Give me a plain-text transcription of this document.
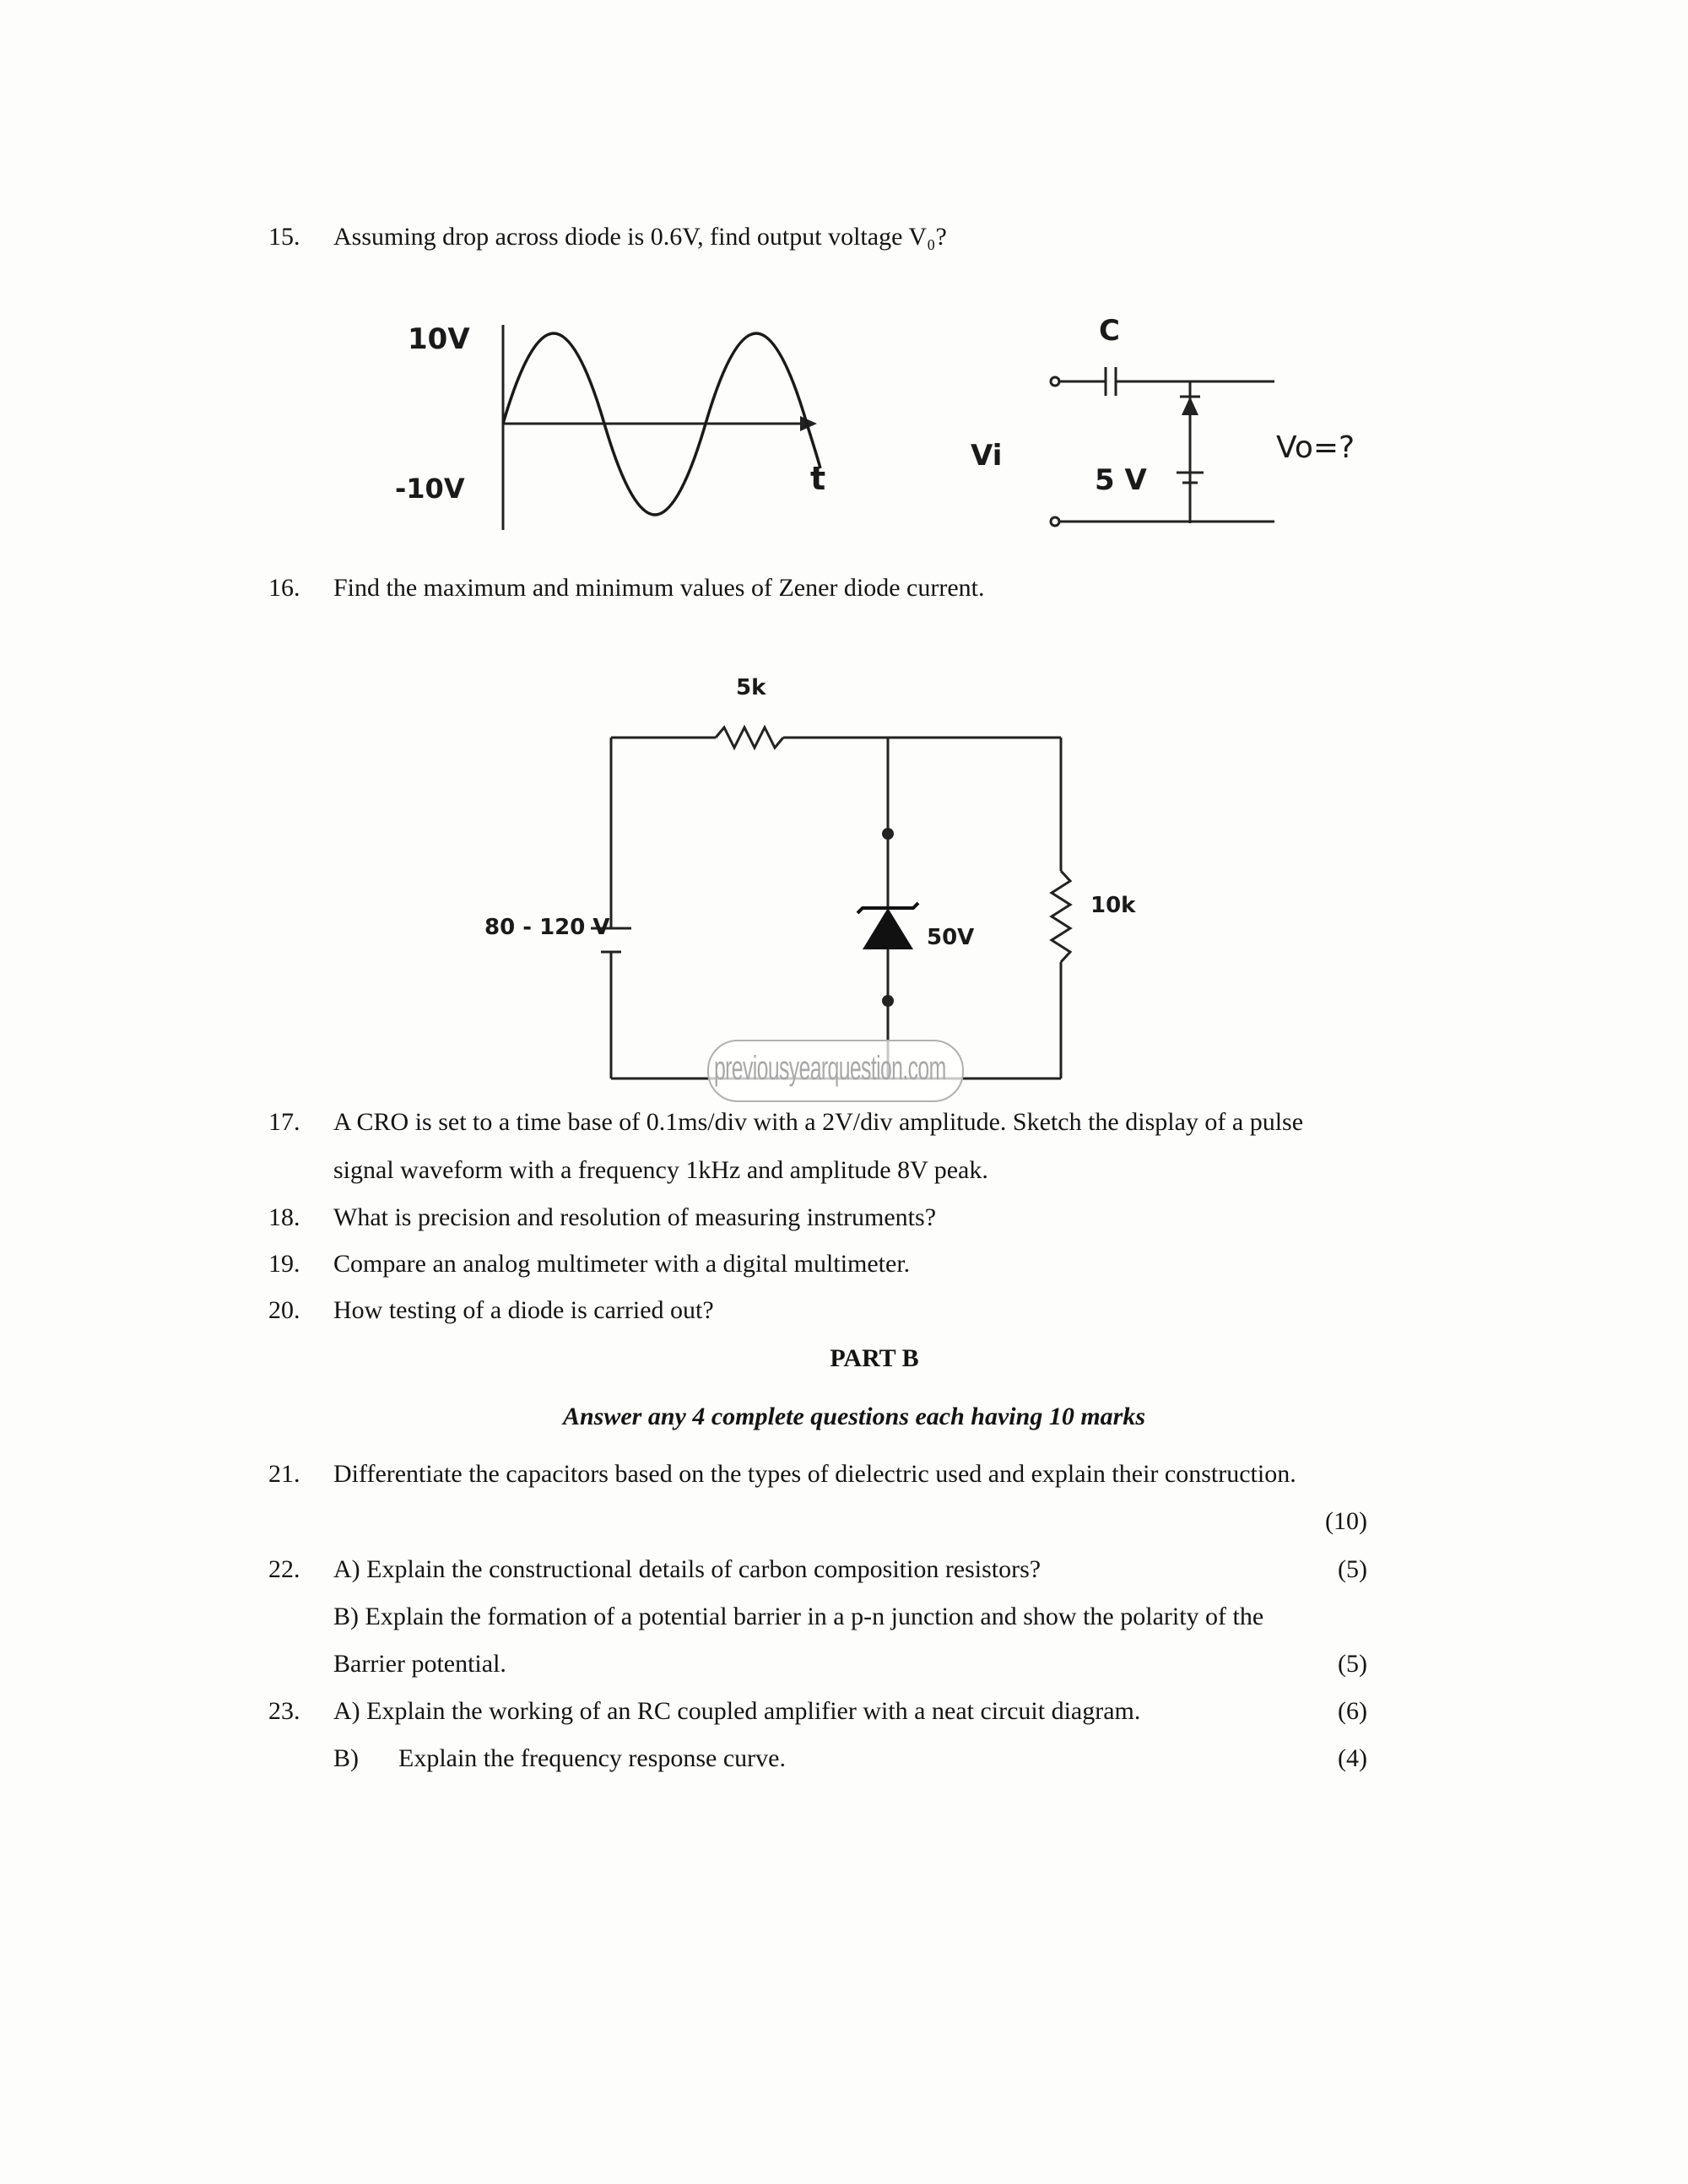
15. Assuming drop across diode is 0.6V, find output voltage V₀?
10V
-10V	t
C
Vi
5 V
Vo=?
16. Find the maximum and minimum values of Zener diode current.
5k
80 - 120 V	50V
10k
previousyearquestion.com
17. A CRO is set to a time base of 0.1ms/div with a 2V/div amplitude. Sketch the display of a pulse
signal waveform with a frequency 1kHz and amplitude 8V peak.
18. What is precision and resolution of measuring instruments?
19. Compare an analog multimeter with a digital multimeter.
20. How testing of a diode is carried out?
PART B
Answer any 4 complete questions each having 10 marks
21. Differentiate the capacitors based on the types of dielectric used and explain their construction.
(10)
22. A) Explain the constructional details of carbon composition resistors?	(5)
B) Explain the formation of a potential barrier in a p-n junction and show the polarity of the
Barrier potential.	(5)
23. A) Explain the working of an RC coupled amplifier with a neat circuit diagram.	(6)
B) Explain the frequency response curve.	(4)
